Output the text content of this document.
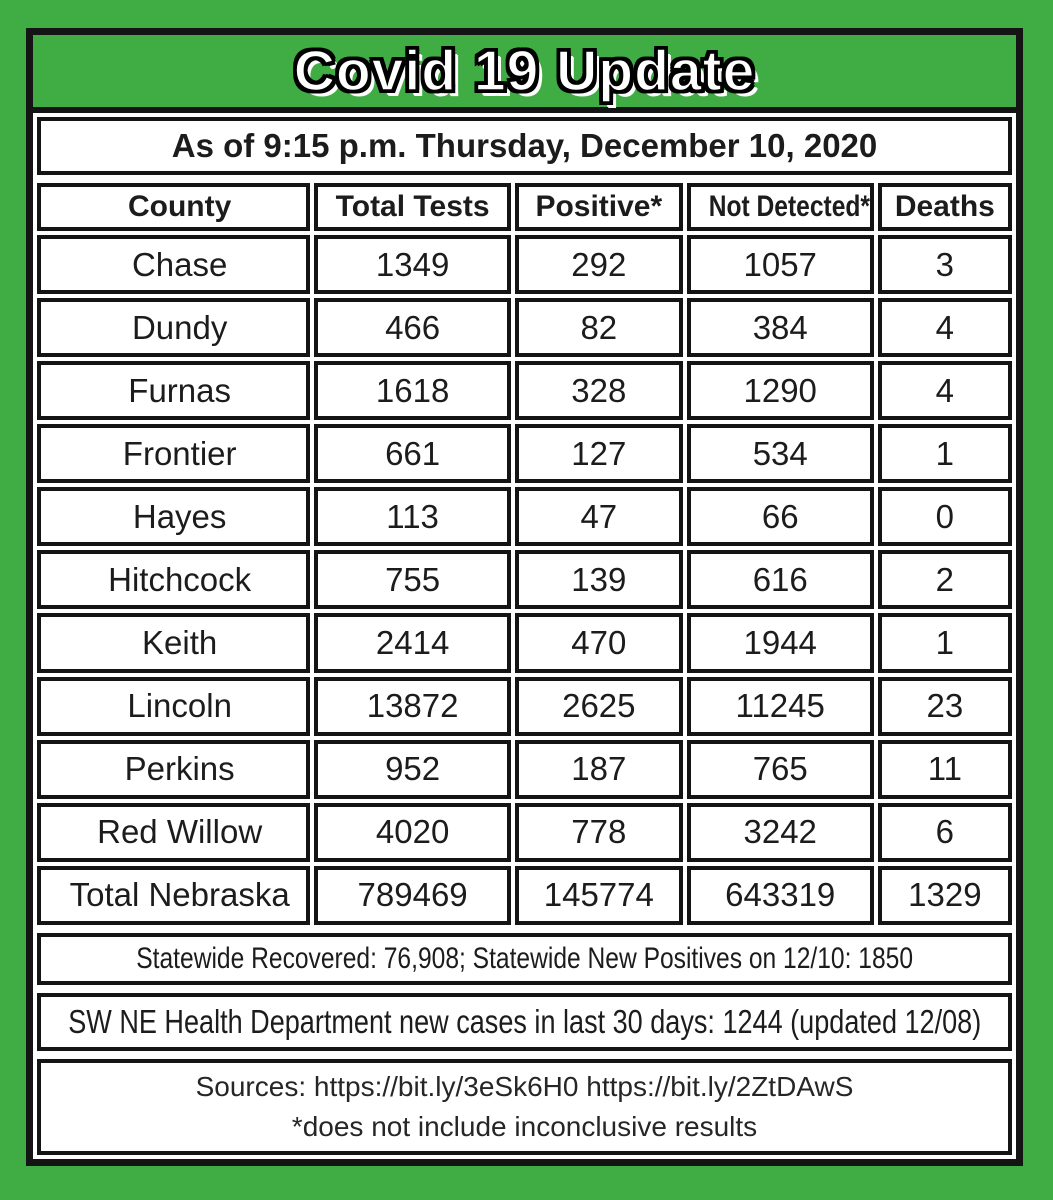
Covid 19 Update
As of 9:15 p.m. Thursday, December 10, 2020
County	Total Tests	Positive*	Not Detected*	Deaths
Chase	1349	292	1057	3
Dundy	466	82	384	4
Furnas	1618	328	1290	4
Frontier	661	127	534	1
Hayes	113	47	66	0
Hitchcock	755	139	616	2
Keith	2414	470	1944	1
Lincoln	13872	2625	11245	23
Perkins	952	187	765	11
Red Willow	4020	778	3242	6
Total Nebraska	789469	145774	643319	1329
Statewide Recovered: 76,908; Statewide New Positives on 12/10: 1850
SW NE Health Department new cases in last 30 days: 1244 (updated 12/08)
Sources: https://bit.ly/3eSk6H0 https://bit.ly/2ZtDAwS
*does not include inconclusive results
